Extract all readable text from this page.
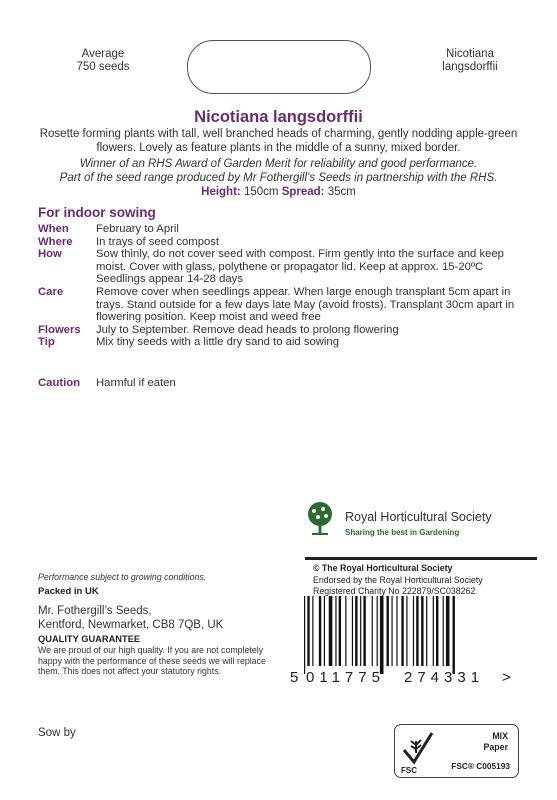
Average
750 seeds
Nicotiana
langsdorffii
Nicotiana langsdorffii
Rosette forming plants with tall, well branched heads of charming, gently nodding apple-green flowers. Lovely as feature plants in the middle of a sunny, mixed border.
Winner of an RHS Award of Garden Merit for reliability and good performance.
Part of the seed range produced by Mr Fothergill’s Seeds in partnership with the RHS.
Height: 150cm Spread: 35cm
For indoor sowing
When	February to April
Where	In trays of seed compost
How	Sow thinly, do not cover seed with compost. Firm gently into the surface and keep moist. Cover with glass, polythene or propagator lid. Keep at approx. 15-20ºC Seedlings appear 14-28 days
Care	Remove cover when seedlings appear. When large enough transplant 5cm apart in trays. Stand outside for a few days late May (avoid frosts). Transplant 30cm apart in flowering position. Keep moist and weed free
Flowers	July to September. Remove dead heads to prolong flowering
Tip	Mix tiny seeds with a little dry sand to aid sowing
Caution	Harmful if eaten
Royal Horticultural Society
Sharing the best in Gardening
© The Royal Horticultural Society
Endorsed by the Royal Horticultural Society
Registered Charity No 222879/SC038262
Performance subject to growing conditions.
Packed in UK
Mr. Fothergill’s Seeds,
Kentford, Newmarket, CB8 7QB, UK
QUALITY GUARANTEE
We are proud of our high quality. If you are not completely happy with the performance of these seeds we will replace them. This does not affect your statutory rights.	5 011775 274331 >
Sow by
FSC
MIX
Paper
FSC® C005193
